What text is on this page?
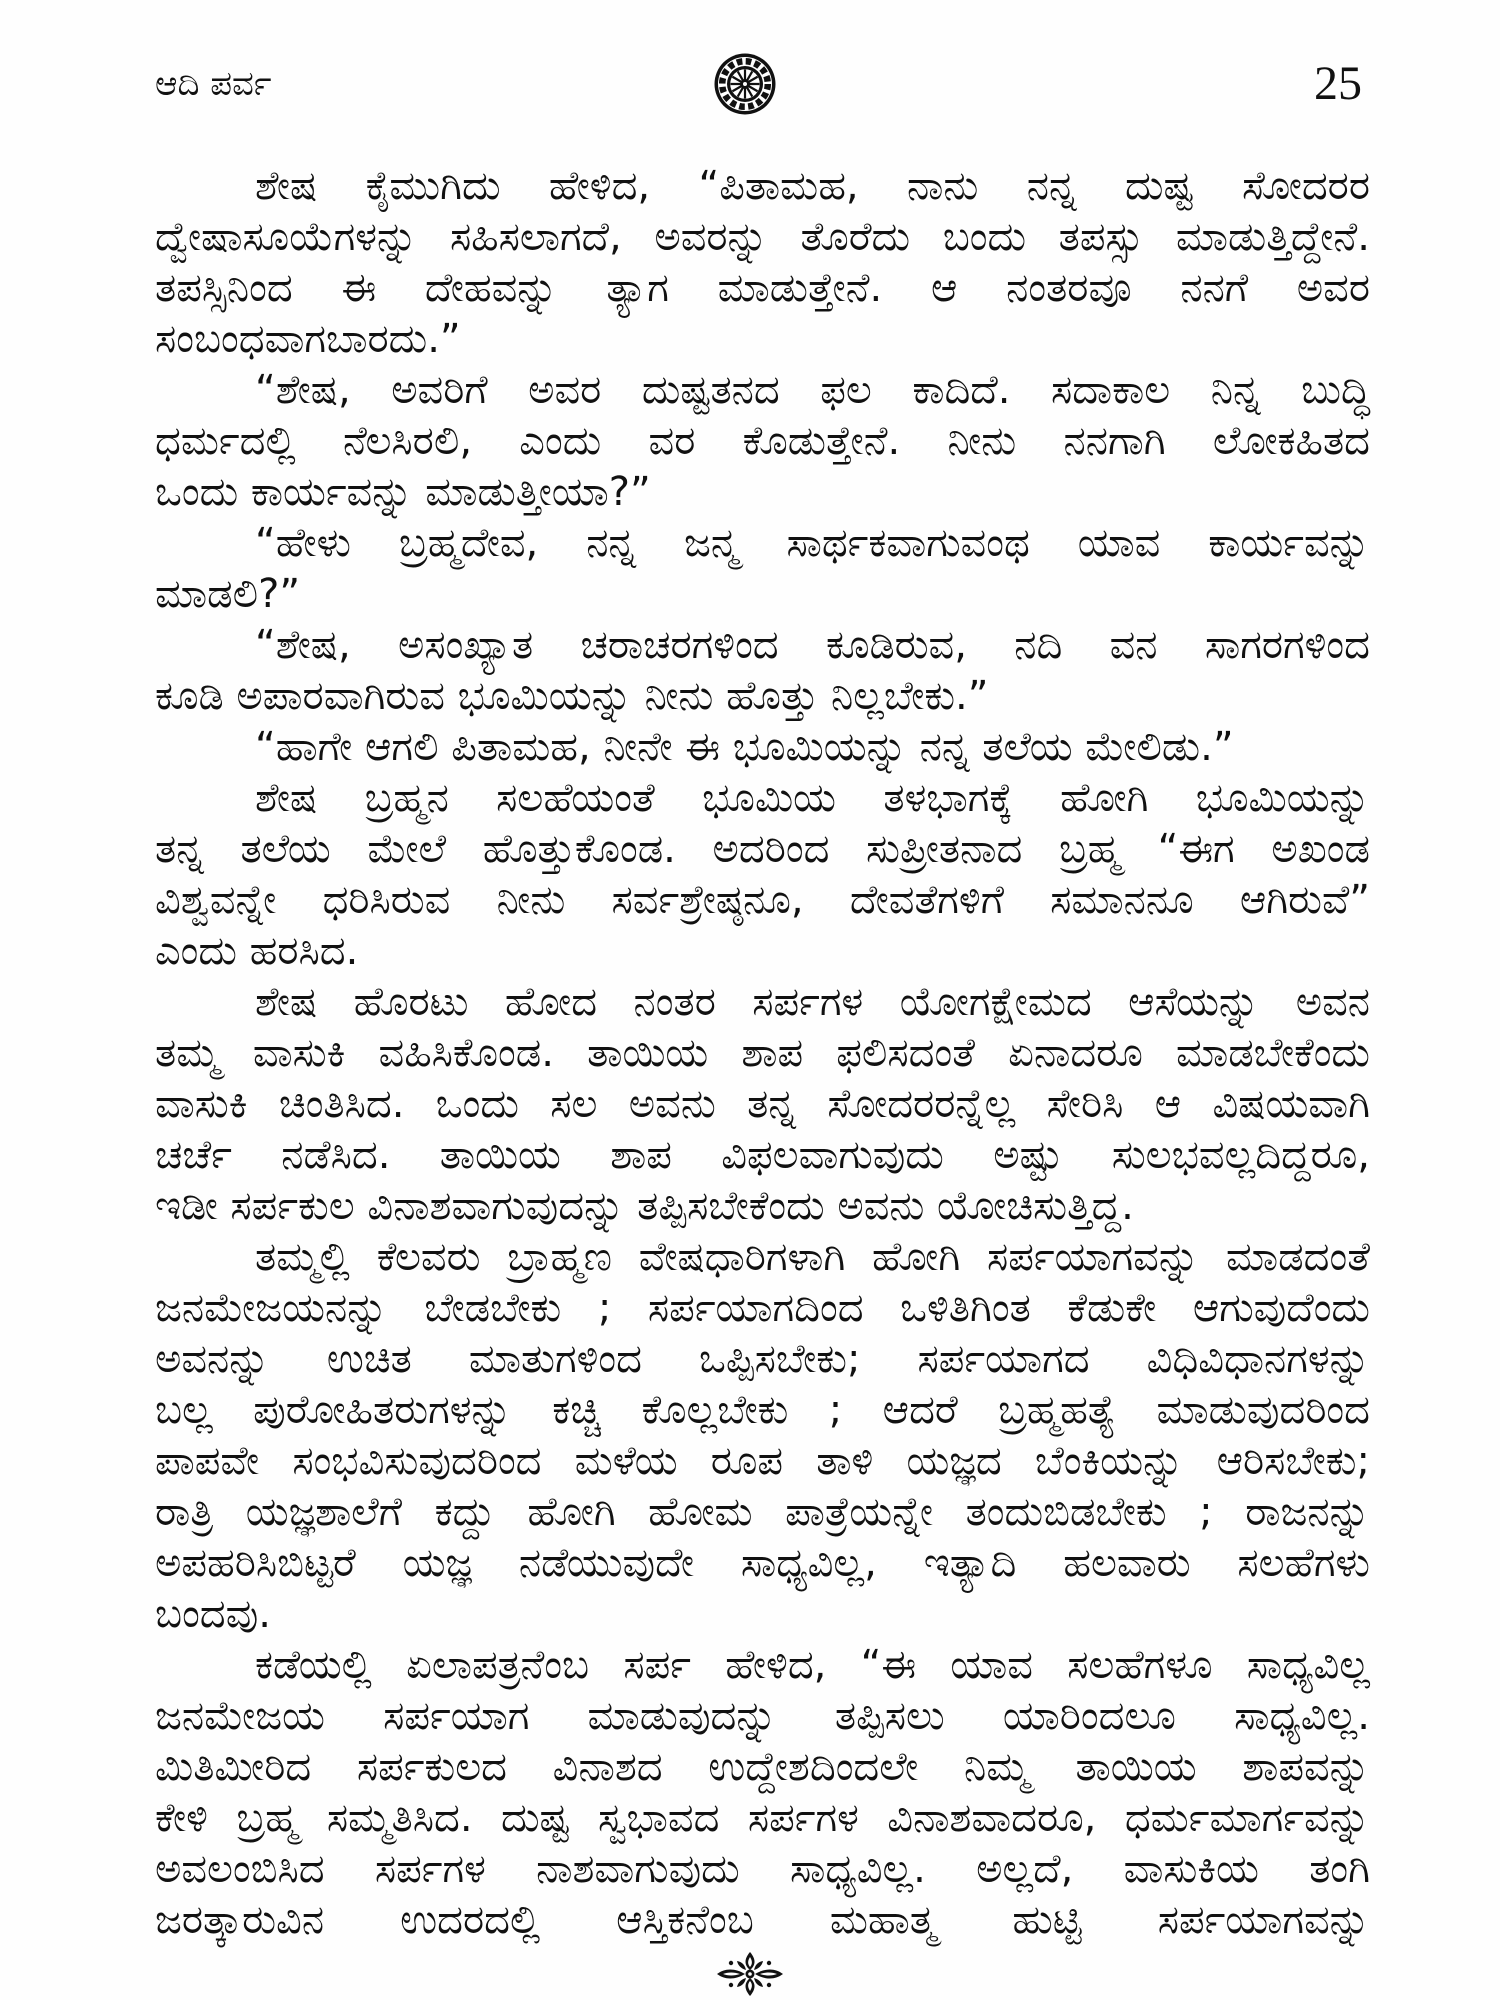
ಆದಿ ಪರ್ವ	25
ಶೇಷ ಕೈಮುಗಿದು ಹೇಳಿದ, “ಪಿತಾಮಹ, ನಾನು ನನ್ನ ದುಷ್ಟ ಸೋದರರ
ದ್ವೇಷಾಸೂಯೆಗಳನ್ನು ಸಹಿಸಲಾಗದೆ, ಅವರನ್ನು ತೊರೆದು ಬಂದು ತಪಸ್ಸು ಮಾಡುತ್ತಿದ್ದೇನೆ.
ತಪಸ್ಸಿನಿಂದ ಈ ದೇಹವನ್ನು ತ್ಯಾಗ ಮಾಡುತ್ತೇನೆ. ಆ ನಂತರವೂ ನನಗೆ ಅವರ
ಸಂಬಂಧವಾಗಬಾರದು.”
“ಶೇಷ, ಅವರಿಗೆ ಅವರ ದುಷ್ಟತನದ ಫಲ ಕಾದಿದೆ. ಸದಾಕಾಲ ನಿನ್ನ ಬುದ್ಧಿ
ಧರ್ಮದಲ್ಲಿ ನೆಲಸಿರಲಿ, ಎಂದು ವರ ಕೊಡುತ್ತೇನೆ. ನೀನು ನನಗಾಗಿ ಲೋಕಹಿತದ
ಒಂದು ಕಾರ್ಯವನ್ನು ಮಾಡುತ್ತೀಯಾ?”
“ಹೇಳು ಬ್ರಹ್ಮದೇವ, ನನ್ನ ಜನ್ಮ ಸಾರ್ಥಕವಾಗುವಂಥ ಯಾವ ಕಾರ್ಯವನ್ನು
ಮಾಡಲಿ?”
“ಶೇಷ, ಅಸಂಖ್ಯಾತ ಚರಾಚರಗಳಿಂದ ಕೂಡಿರುವ, ನದಿ ವನ ಸಾಗರಗಳಿಂದ
ಕೂಡಿ ಅಪಾರವಾಗಿರುವ ಭೂಮಿಯನ್ನು ನೀನು ಹೊತ್ತು ನಿಲ್ಲಬೇಕು.”
“ಹಾಗೇ ಆಗಲಿ ಪಿತಾಮಹ, ನೀನೇ ಈ ಭೂಮಿಯನ್ನು ನನ್ನ ತಲೆಯ ಮೇಲಿಡು.”
ಶೇಷ ಬ್ರಹ್ಮನ ಸಲಹೆಯಂತೆ ಭೂಮಿಯ ತಳಭಾಗಕ್ಕೆ ಹೋಗಿ ಭೂಮಿಯನ್ನು
ತನ್ನ ತಲೆಯ ಮೇಲೆ ಹೊತ್ತುಕೊಂಡ. ಅದರಿಂದ ಸುಪ್ರೀತನಾದ ಬ್ರಹ್ಮ “ಈಗ ಅಖಂಡ
ವಿಶ್ವವನ್ನೇ ಧರಿಸಿರುವ ನೀನು ಸರ್ವಶ್ರೇಷ್ಠನೂ, ದೇವತೆಗಳಿಗೆ ಸಮಾನನೂ ಆಗಿರುವೆ”
ಎಂದು ಹರಸಿದ.
ಶೇಷ ಹೊರಟು ಹೋದ ನಂತರ ಸರ್ಪಗಳ ಯೋಗಕ್ಷೇಮದ ಆಸೆಯನ್ನು ಅವನ
ತಮ್ಮ ವಾಸುಕಿ ವಹಿಸಿಕೊಂಡ. ತಾಯಿಯ ಶಾಪ ಫಲಿಸದಂತೆ ಏನಾದರೂ ಮಾಡಬೇಕೆಂದು
ವಾಸುಕಿ ಚಿಂತಿಸಿದ. ಒಂದು ಸಲ ಅವನು ತನ್ನ ಸೋದರರನ್ನೆಲ್ಲ ಸೇರಿಸಿ ಆ ವಿಷಯವಾಗಿ
ಚರ್ಚೆ ನಡೆಸಿದ. ತಾಯಿಯ ಶಾಪ ವಿಫಲವಾಗುವುದು ಅಷ್ಟು ಸುಲಭವಲ್ಲದಿದ್ದರೂ,
ಇಡೀ ಸರ್ಪಕುಲ ವಿನಾಶವಾಗುವುದನ್ನು ತಪ್ಪಿಸಬೇಕೆಂದು ಅವನು ಯೋಚಿಸುತ್ತಿದ್ದ.
ತಮ್ಮಲ್ಲಿ ಕೆಲವರು ಬ್ರಾಹ್ಮಣ ವೇಷಧಾರಿಗಳಾಗಿ ಹೋಗಿ ಸರ್ಪಯಾಗವನ್ನು ಮಾಡದಂತೆ
ಜನಮೇಜಯನನ್ನು ಬೇಡಬೇಕು ; ಸರ್ಪಯಾಗದಿಂದ ಒಳಿತಿಗಿಂತ ಕೆಡುಕೇ ಆಗುವುದೆಂದು
ಅವನನ್ನು ಉಚಿತ ಮಾತುಗಳಿಂದ ಒಪ್ಪಿಸಬೇಕು; ಸರ್ಪಯಾಗದ ವಿಧಿವಿಧಾನಗಳನ್ನು
ಬಲ್ಲ ಪುರೋಹಿತರುಗಳನ್ನು ಕಚ್ಚಿ ಕೊಲ್ಲಬೇಕು ; ಆದರೆ ಬ್ರಹ್ಮಹತ್ಯೆ ಮಾಡುವುದರಿಂದ
ಪಾಪವೇ ಸಂಭವಿಸುವುದರಿಂದ ಮಳೆಯ ರೂಪ ತಾಳಿ ಯಜ್ಞದ ಬೆಂಕಿಯನ್ನು ಆರಿಸಬೇಕು;
ರಾತ್ರಿ ಯಜ್ಞಶಾಲೆಗೆ ಕದ್ದು ಹೋಗಿ ಹೋಮ ಪಾತ್ರೆಯನ್ನೇ ತಂದುಬಿಡಬೇಕು ; ರಾಜನನ್ನು
ಅಪಹರಿಸಿಬಿಟ್ಟರೆ ಯಜ್ಞ ನಡೆಯುವುದೇ ಸಾಧ್ಯವಿಲ್ಲ, ಇತ್ಯಾದಿ ಹಲವಾರು ಸಲಹೆಗಳು
ಬಂದವು.
ಕಡೆಯಲ್ಲಿ ಏಲಾಪತ್ರನೆಂಬ ಸರ್ಪ ಹೇಳಿದ, “ಈ ಯಾವ ಸಲಹೆಗಳೂ ಸಾಧ್ಯವಿಲ್ಲ
ಜನಮೇಜಯ ಸರ್ಪಯಾಗ ಮಾಡುವುದನ್ನು ತಪ್ಪಿಸಲು ಯಾರಿಂದಲೂ ಸಾಧ್ಯವಿಲ್ಲ.
ಮಿತಿಮೀರಿದ ಸರ್ಪಕುಲದ ವಿನಾಶದ ಉದ್ದೇಶದಿಂದಲೇ ನಿಮ್ಮ ತಾಯಿಯ ಶಾಪವನ್ನು
ಕೇಳಿ ಬ್ರಹ್ಮ ಸಮ್ಮತಿಸಿದ. ದುಷ್ಟ ಸ್ವಭಾವದ ಸರ್ಪಗಳ ವಿನಾಶವಾದರೂ, ಧರ್ಮಮಾರ್ಗವನ್ನು
ಅವಲಂಬಿಸಿದ ಸರ್ಪಗಳ ನಾಶವಾಗುವುದು ಸಾಧ್ಯವಿಲ್ಲ. ಅಲ್ಲದೆ, ವಾಸುಕಿಯ ತಂಗಿ
ಜರತ್ಕಾರುವಿನ ಉದರದಲ್ಲಿ ಆಸ್ತಿಕನೆಂಬ ಮಹಾತ್ಮ ಹುಟ್ಟಿ ಸರ್ಪಯಾಗವನ್ನು
